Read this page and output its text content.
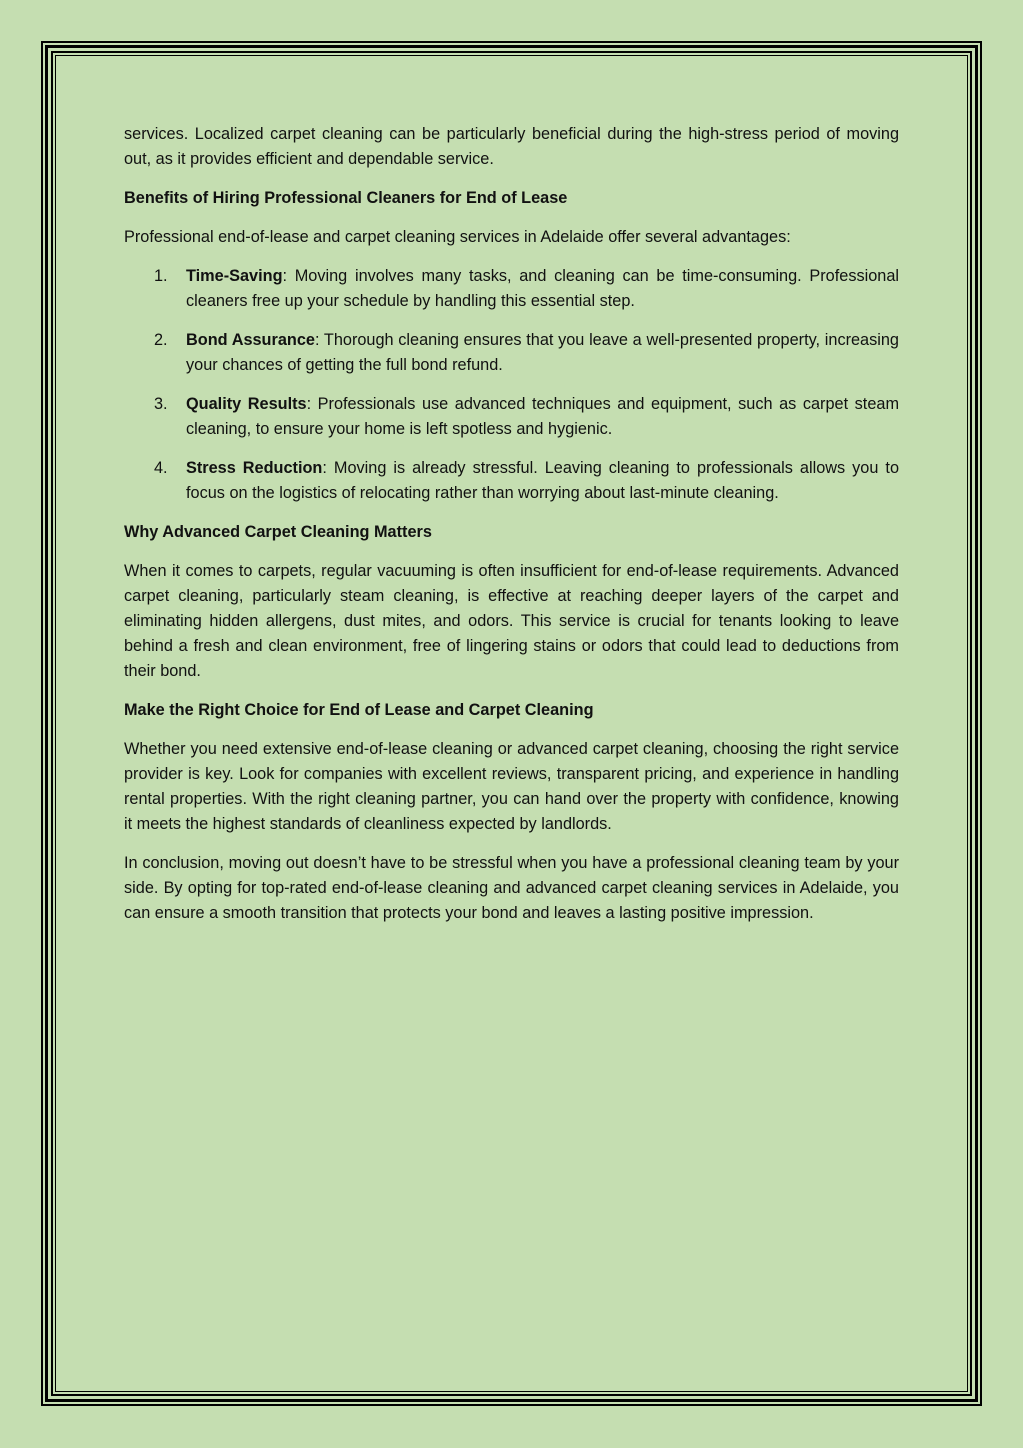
services. Localized carpet cleaning can be particularly beneficial during the high-stress period of moving out, as it provides efficient and dependable service.

Benefits of Hiring Professional Cleaners for End of Lease

Professional end-of-lease and carpet cleaning services in Adelaide offer several advantages:

1. Time-Saving: Moving involves many tasks, and cleaning can be time-consuming. Professional cleaners free up your schedule by handling this essential step.
2. Bond Assurance: Thorough cleaning ensures that you leave a well-presented property, increasing your chances of getting the full bond refund.
3. Quality Results: Professionals use advanced techniques and equipment, such as carpet steam cleaning, to ensure your home is left spotless and hygienic.
4. Stress Reduction: Moving is already stressful. Leaving cleaning to professionals allows you to focus on the logistics of relocating rather than worrying about last-minute cleaning.
Why Advanced Carpet Cleaning Matters

When it comes to carpets, regular vacuuming is often insufficient for end-of-lease requirements. Advanced carpet cleaning, particularly steam cleaning, is effective at reaching deeper layers of the carpet and eliminating hidden allergens, dust mites, and odors. This service is crucial for tenants looking to leave behind a fresh and clean environment, free of lingering stains or odors that could lead to deductions from their bond.

Make the Right Choice for End of Lease and Carpet Cleaning

Whether you need extensive end-of-lease cleaning or advanced carpet cleaning, choosing the right service provider is key. Look for companies with excellent reviews, transparent pricing, and experience in handling rental properties. With the right cleaning partner, you can hand over the property with confidence, knowing it meets the highest standards of cleanliness expected by landlords.

In conclusion, moving out doesn’t have to be stressful when you have a professional cleaning team by your side. By opting for top-rated end-of-lease cleaning and advanced carpet cleaning services in Adelaide, you can ensure a smooth transition that protects your bond and leaves a lasting positive impression.
